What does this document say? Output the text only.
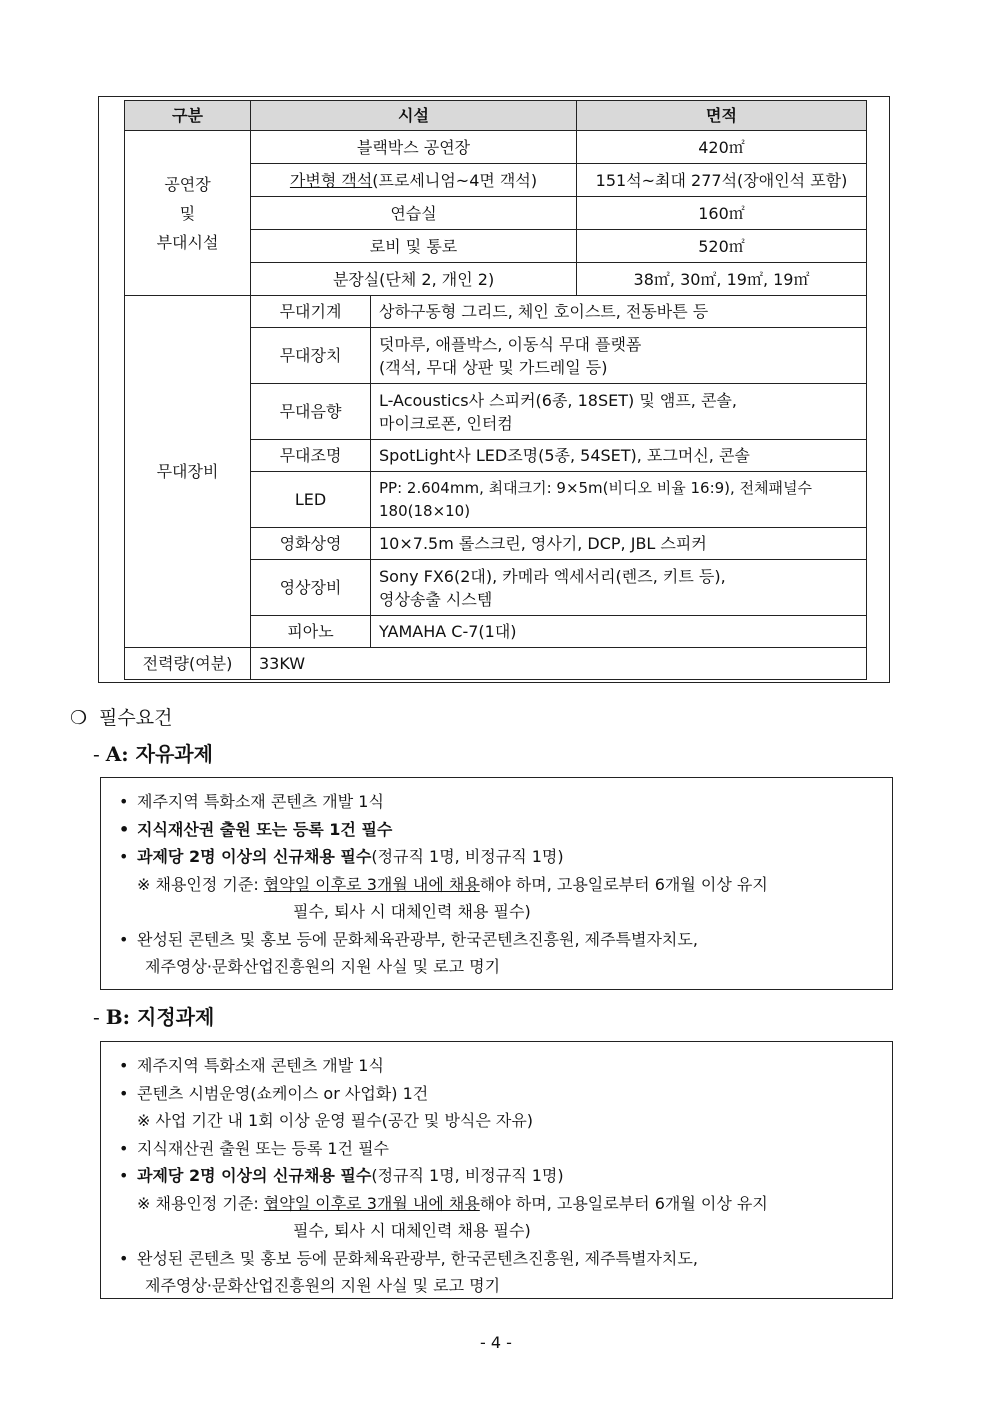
구분	시설		면적
공연장
및
부대시설	블랙박스 공연장		420㎡
	가변형 객석(프로세니엄~4면 객석)		151석~최대 277석(장애인석 포함)
	연습실		160㎡
	로비 및 통로		520㎡
	분장실(단체 2, 개인 2)		38㎡, 30㎡, 19㎡, 19㎡
무대장비	무대기계	상하구동형 그리드, 체인 호이스트, 전동바튼 등	
	무대장치	덧마루, 애플박스, 이동식 무대 플랫폼
(객석, 무대 상판 및 가드레일 등)	
	무대음향	L-Acoustics사 스피커(6종, 18SET) 및 앰프, 콘솔,
마이크로폰, 인터컴	
	무대조명	SpotLight사 LED조명(5종, 54SET), 포그머신, 콘솔	
	LED	PP: 2.604mm, 최대크기: 9×5m(비디오 비율 16:9), 전체패널수
180(18×10)	
	영화상영	10×7.5m 롤스크린, 영사기, DCP, JBL 스피커	
	영상장비	Sony FX6(2대), 카메라 엑세서리(렌즈, 키트 등),
영상송출 시스템	
	피아노	YAMAHA C-7(1대)	
전력량(여분)	33KW		
❍ 필수요건
- A: 자유과제
• 제주지역 특화소재 콘텐츠 개발 1식
• 지식재산권 출원 또는 등록 1건 필수
• 과제당 2명 이상의 신규채용 필수(정규직 1명, 비정규직 1명)
※ 채용인정 기준: 협약일 이후로 3개월 내에 채용해야 하며, 고용일로부터 6개월 이상 유지
필수, 퇴사 시 대체인력 채용 필수)
• 완성된 콘텐츠 및 홍보 등에 문화체육관광부, 한국콘텐츠진흥원, 제주특별자치도,
제주영상·문화산업진흥원의 지원 사실 및 로고 명기
- B: 지정과제
• 제주지역 특화소재 콘텐츠 개발 1식
• 콘텐츠 시범운영(쇼케이스 or 사업화) 1건
※ 사업 기간 내 1회 이상 운영 필수(공간 및 방식은 자유)
• 지식재산권 출원 또는 등록 1건 필수
• 과제당 2명 이상의 신규채용 필수(정규직 1명, 비정규직 1명)
※ 채용인정 기준: 협약일 이후로 3개월 내에 채용해야 하며, 고용일로부터 6개월 이상 유지
필수, 퇴사 시 대체인력 채용 필수)
• 완성된 콘텐츠 및 홍보 등에 문화체육관광부, 한국콘텐츠진흥원, 제주특별자치도,
제주영상·문화산업진흥원의 지원 사실 및 로고 명기
- 4 -
